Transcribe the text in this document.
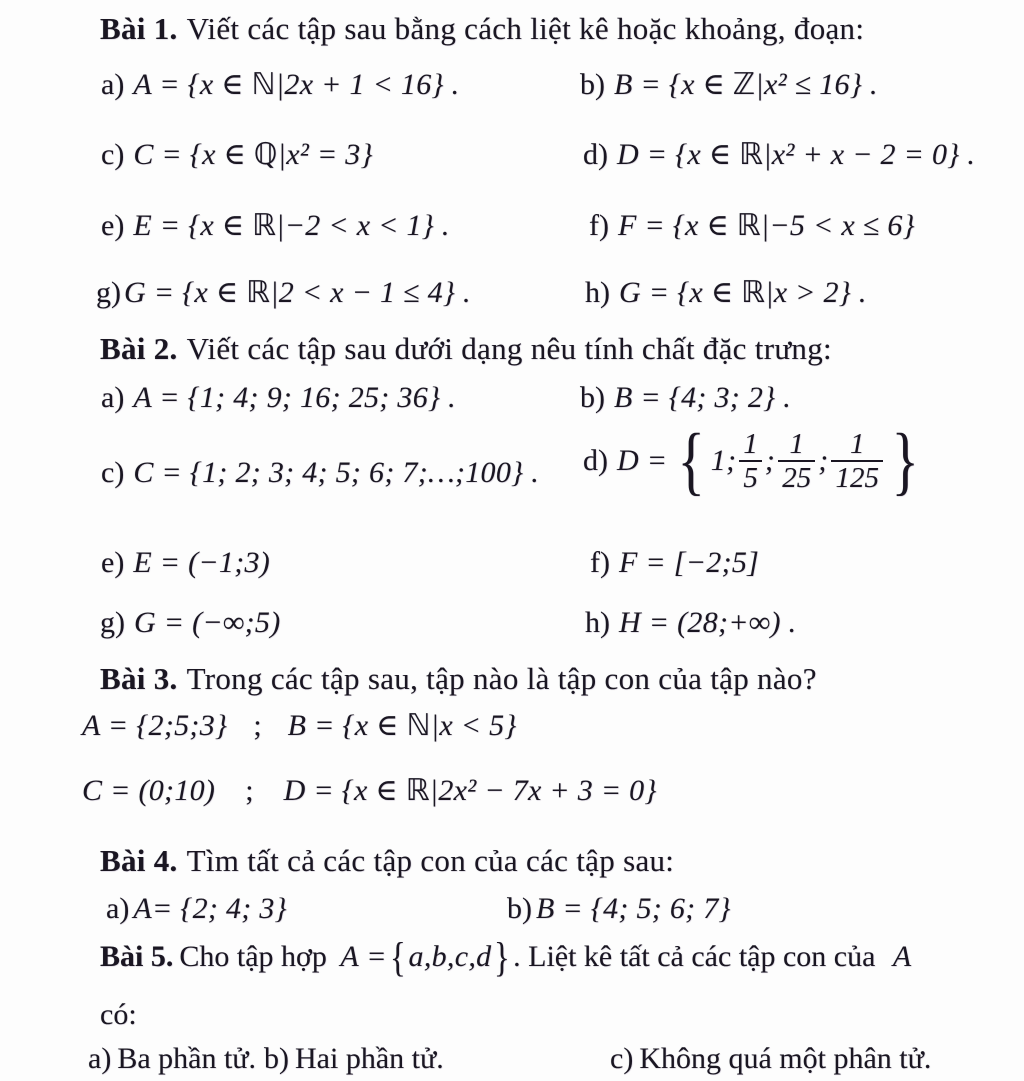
Bài 1. Viết các tập sau bằng cách liệt kê hoặc khoảng, đoạn:
a) A = {x ∈ ℕ|2x + 1 < 16} .	b) B = {x ∈ ℤ|x² ≤ 16} .
c) C = {x ∈ ℚ|x² = 3}	d) D = {x ∈ ℝ|x² + x − 2 = 0} .
e) E = {x ∈ ℝ|−2 < x < 1} .	f) F = {x ∈ ℝ|−5 < x ≤ 6}
g) G = {x ∈ ℝ|2 < x − 1 ≤ 4} .	h) G = {x ∈ ℝ|x > 2} .
Bài 2. Viết các tập sau dưới dạng nêu tính chất đặc trưng:
a) A = {1; 4; 9; 16; 25; 36} .	b) B = {4; 3; 2} .
c) C = {1; 2; 3; 4; 5; 6; 7;…;100} . d) D = { 1; $\frac{1}{5}$ ; $\frac{1}{25}$ ; $\frac{1}{125}$ }
e) E = (−1;3)	f) F = [−2;5]
g) G = (−∞;5)	h) H = (28;+∞) .
Bài 3. Trong các tập sau, tập nào là tập con của tập nào?
A = {2;5;3} ; B = {x ∈ ℕ|x < 5}
C = (0;10) ; D = {x ∈ ℝ|2x² − 7x + 3 = 0}
Bài 4. Tìm tất cả các tập con của các tập sau:
a) A= {2; 4; 3}	b) B = {4; 5; 6; 7}
Bài 5. Cho tập hợp A ={a,b,c,d}. Liệt kê tất cả các tập con của A
có:
a) Ba phần tử. b) Hai phần tử.	c) Không quá một phân tử.
